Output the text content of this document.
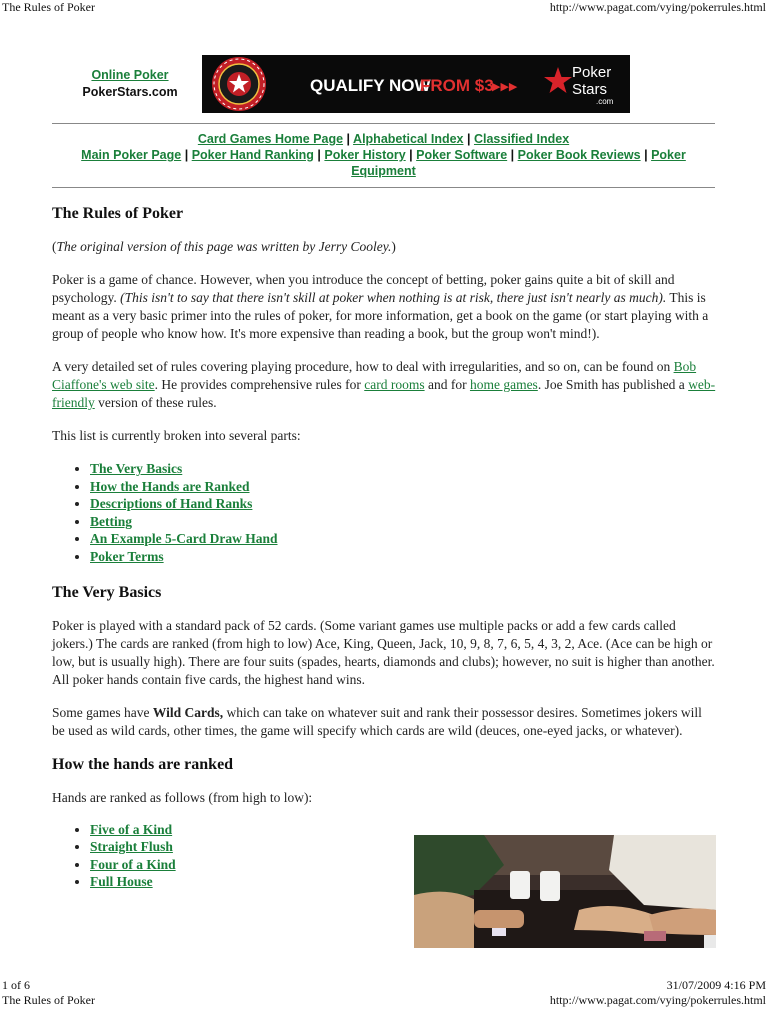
The Rules of Poker	http://www.pagat.com/vying/pokerrules.html
Online Poker
PokerStars.com	QUALIFY NOW
FROM $3
▶▶▶
Poker
Stars
.com
Card Games Home Page | Alphabetical Index | Classified Index
Main Poker Page | Poker Hand Ranking | Poker History | Poker Software | Poker Book Reviews | Poker Equipment
The Rules of Poker

(The original version of this page was written by Jerry Cooley.)

Poker is a game of chance. However, when you introduce the concept of betting, poker gains quite a bit of skill and psychology. (This isn't to say that there isn't skill at poker when nothing is at risk, there just isn't nearly as much). This is meant as a very basic primer into the rules of poker, for more information, get a book on the game (or start playing with a group of people who know how. It's more expensive than reading a book, but the group won't mind!).

A very detailed set of rules covering playing procedure, how to deal with irregularities, and so on, can be found on Bob Ciaffone's web site. He provides comprehensive rules for card rooms and for home games. Joe Smith has published a web-friendly version of these rules.

This list is currently broken into several parts:

• The Very Basics
• How the Hands are Ranked
• Descriptions of Hand Ranks
• Betting
• An Example 5-Card Draw Hand
• Poker Terms
The Very Basics

Poker is played with a standard pack of 52 cards. (Some variant games use multiple packs or add a few cards called jokers.) The cards are ranked (from high to low) Ace, King, Queen, Jack, 10, 9, 8, 7, 6, 5, 4, 3, 2, Ace. (Ace can be high or low, but is usually high). There are four suits (spades, hearts, diamonds and clubs); however, no suit is higher than another. All poker hands contain five cards, the highest hand wins.

Some games have Wild Cards, which can take on whatever suit and rank their possessor desires. Sometimes jokers will be used as wild cards, other times, the game will specify which cards are wild (deuces, one-eyed jacks, or whatever).

How the hands are ranked

Hands are ranked as follows (from high to low):

• Five of a Kind
• Straight Flush
• Four of a Kind
• Full House
1 of 6	31/07/2009 4:16 PM
The Rules of Poker	http://www.pagat.com/vying/pokerrules.html
